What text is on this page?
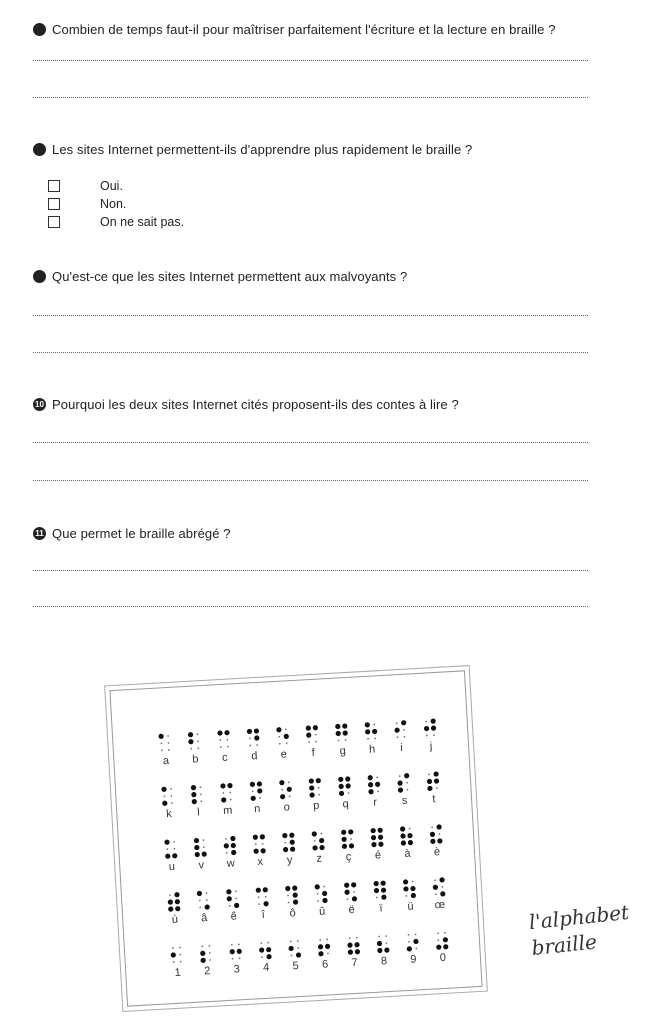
Combien de temps faut-il pour maîtriser parfaitement l'écriture et la lecture en braille ?
Les sites Internet permettent-ils d'apprendre plus rapidement le braille ?
Oui.
Non.
On ne sait pas.
Qu'est-ce que les sites Internet permettent aux malvoyants ?
10 Pourquoi les deux sites Internet cités proposent-ils des contes à lire ?
11 Que permet le braille abrégé ?
a b c d e f g h i j
k l m n o p q r s t
u v w x y z ç é à è
ù â ê î ô û ë ï ü œ
1 2 3 4 5 6 7 8 9 0
l'alphabet
braille
